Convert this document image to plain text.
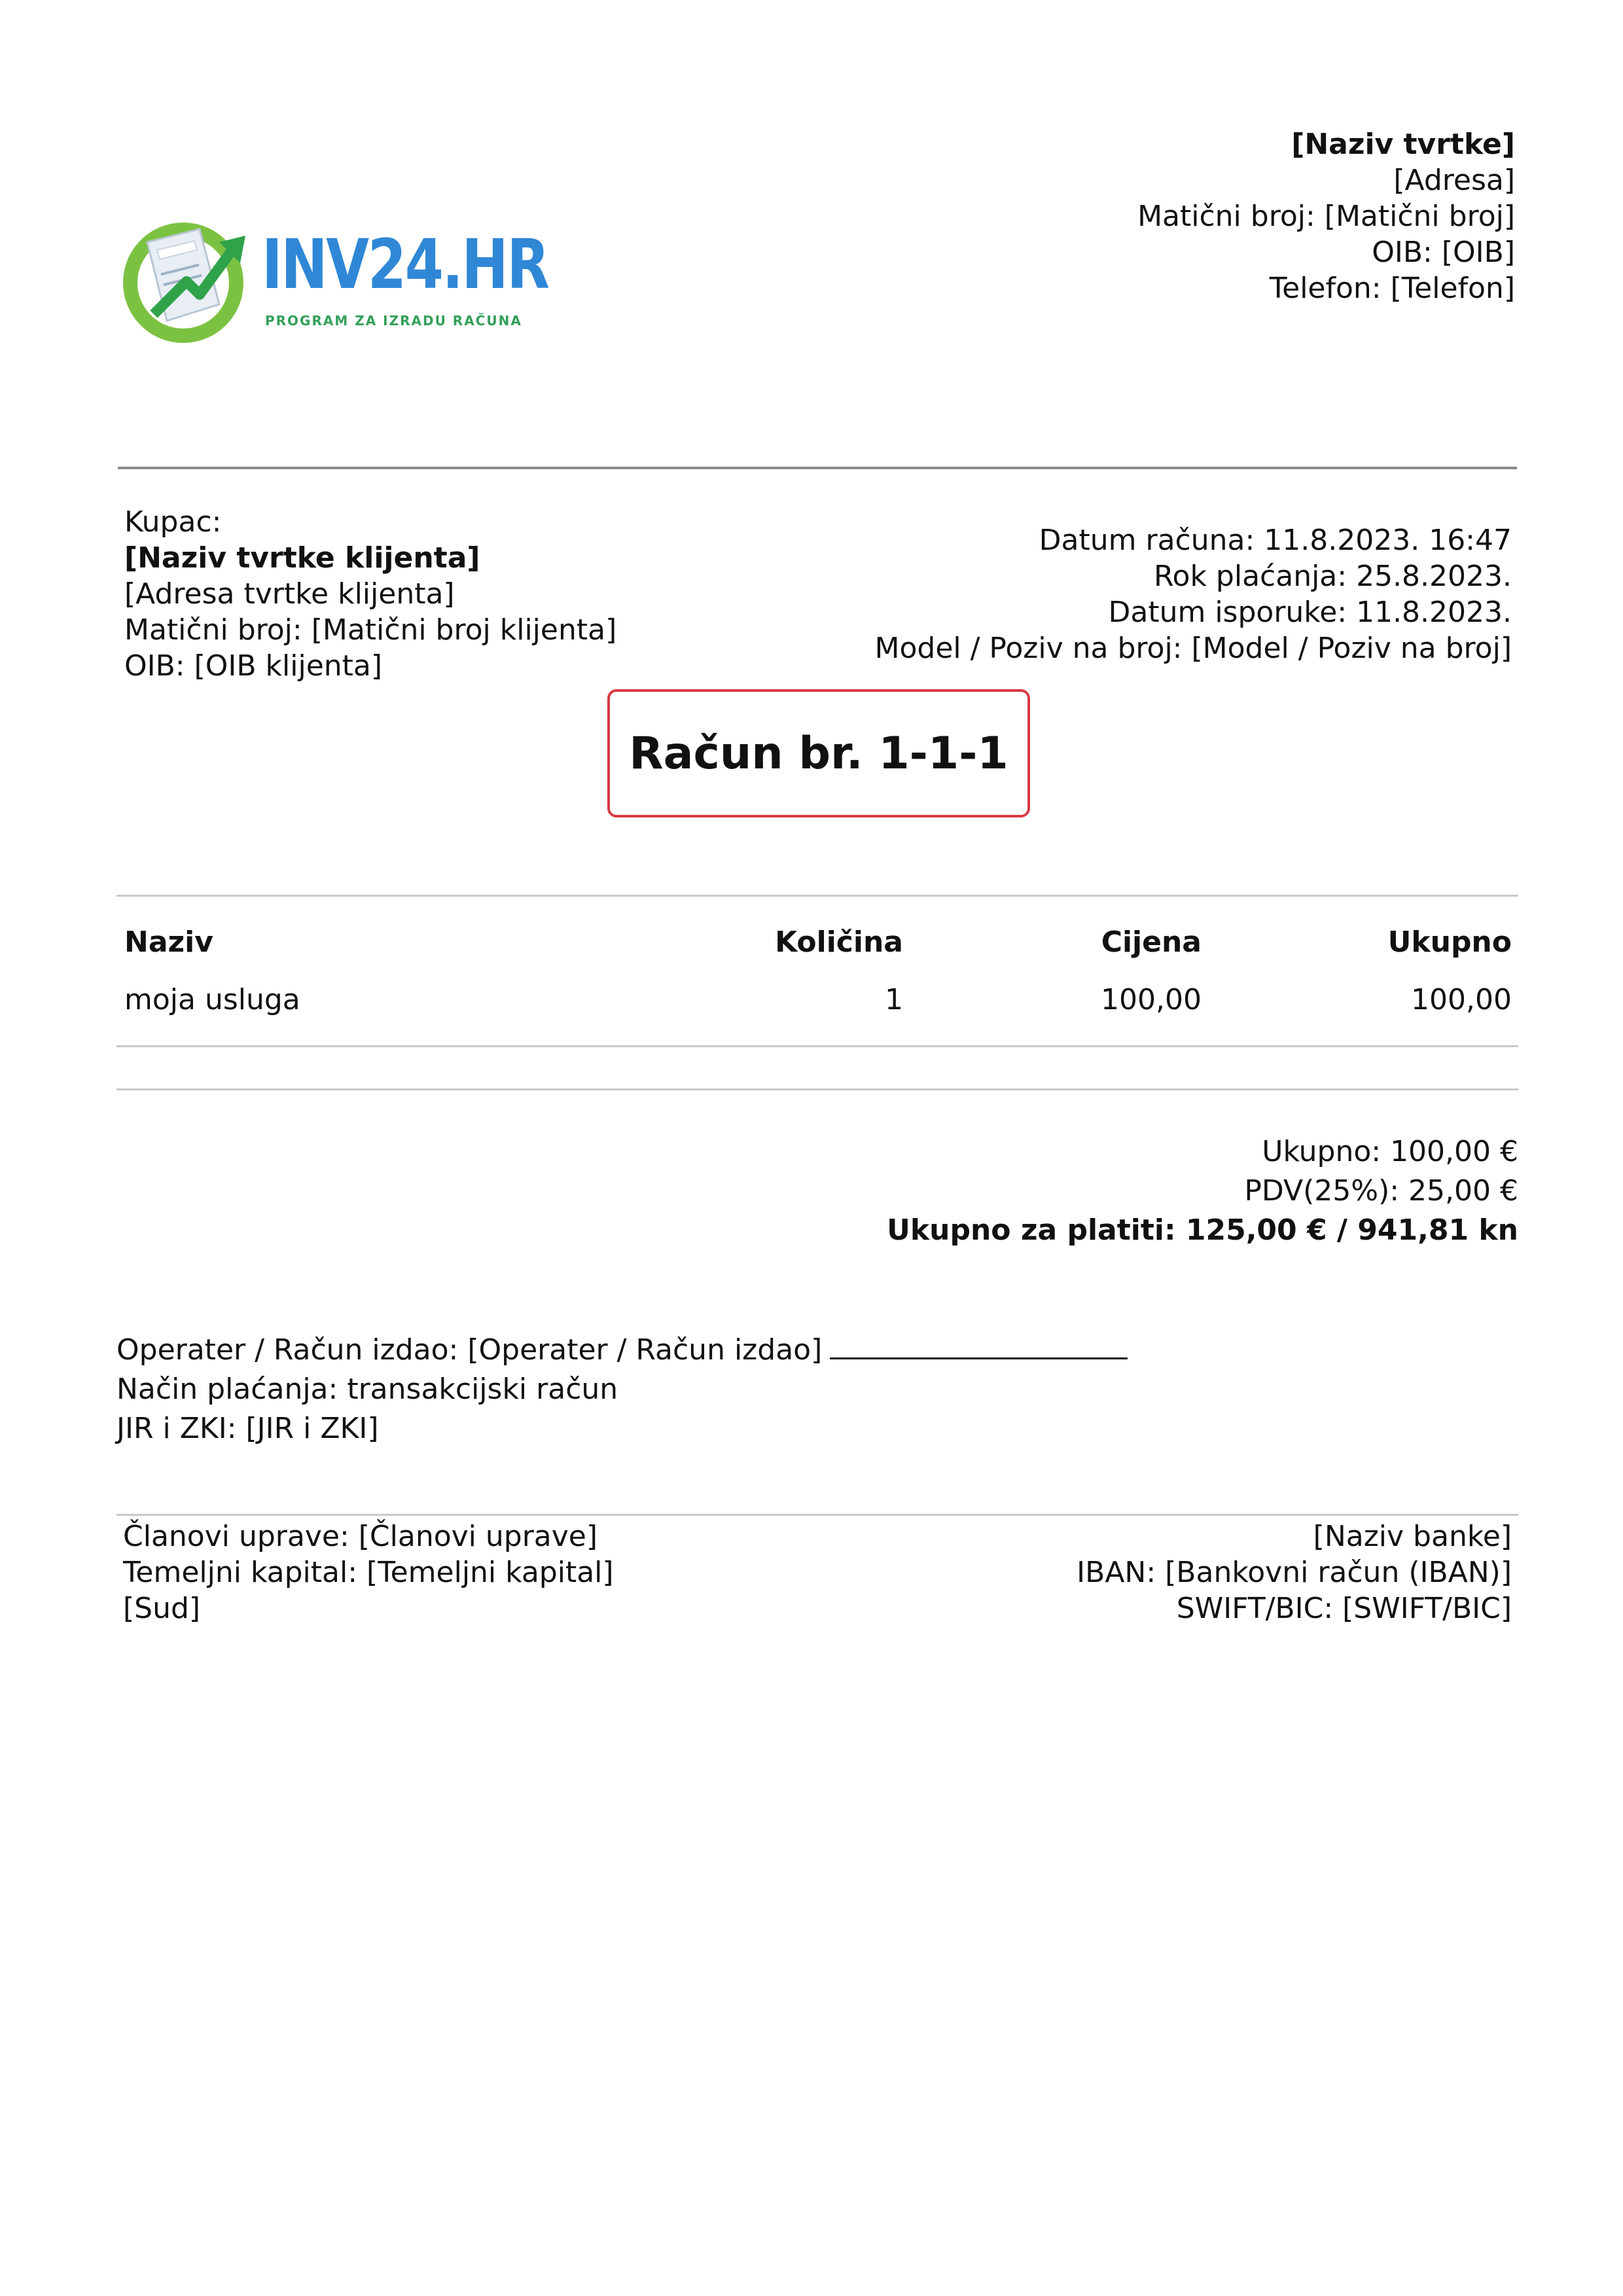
INV24.HR
PROGRAM ZA IZRADU RAČUNA
[Naziv tvrtke]
[Adresa]
Matični broj: [Matični broj]
OIB: [OIB]
Telefon: [Telefon]
Kupac:
[Naziv tvrtke klijenta]
[Adresa tvrtke klijenta]
Matični broj: [Matični broj klijenta]
OIB: [OIB klijenta]
Datum računa: 11.8.2023. 16:47
Rok plaćanja: 25.8.2023.
Datum isporuke: 11.8.2023.
Model / Poziv na broj: [Model / Poziv na broj]
Račun br. 1-1-1
Naziv	Količina	Cijena	Ukupno
moja usluga	1	100,00	100,00
Ukupno: 100,00 €
PDV(25%): 25,00 €
Ukupno za platiti: 125,00 € / 941,81 kn
Operater / Račun izdao: [Operater / Račun izdao]
Način plaćanja: transakcijski račun
JIR i ZKI: [JIR i ZKI]
Članovi uprave: [Članovi uprave]
Temeljni kapital: [Temeljni kapital]
[Sud]
[Naziv banke]
IBAN: [Bankovni račun (IBAN)]
SWIFT/BIC: [SWIFT/BIC]
